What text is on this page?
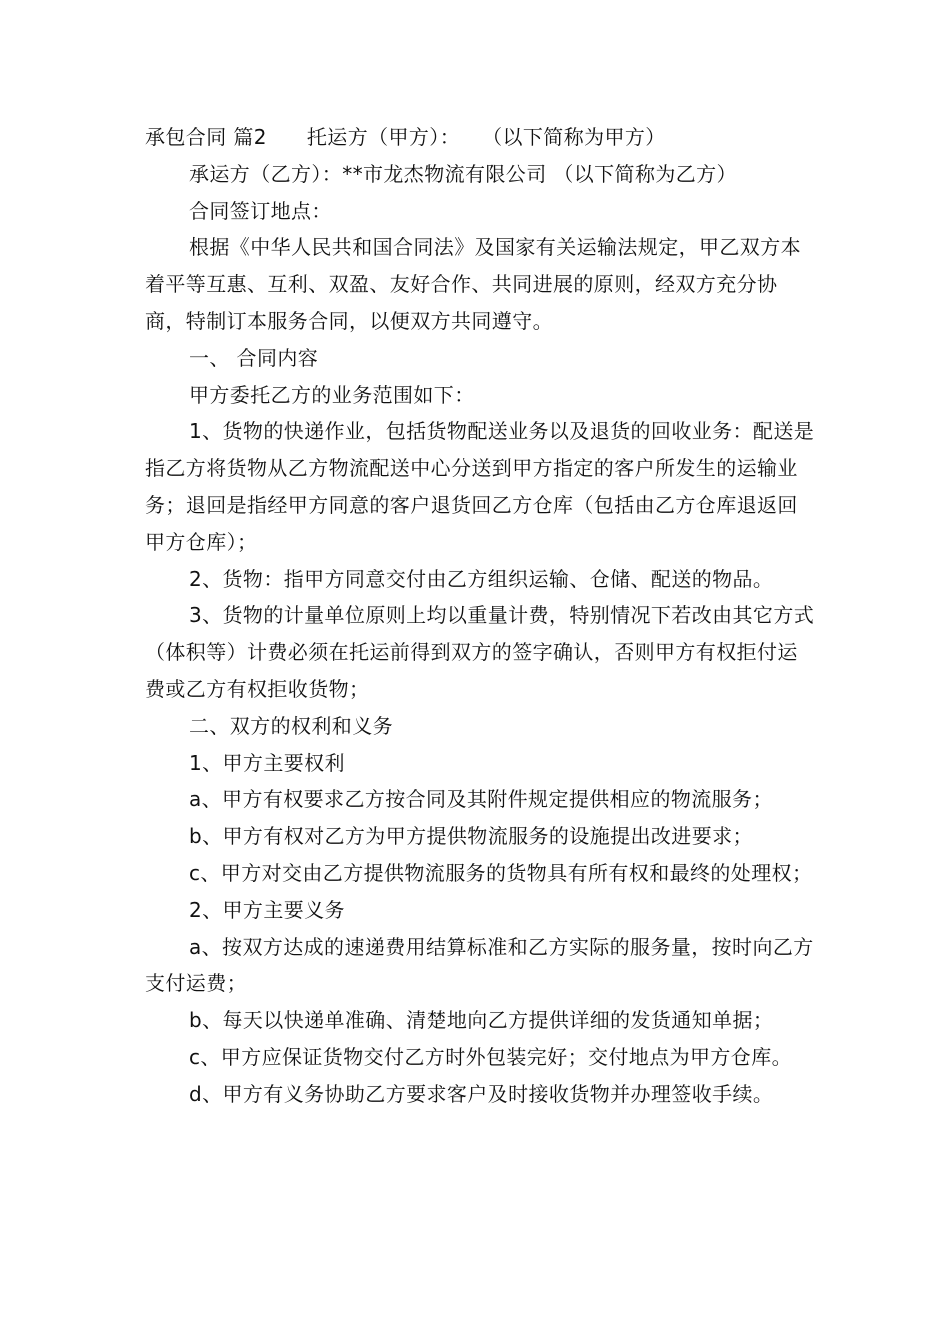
承包合同 篇2 托运方（甲方）： （以下简称为甲方）

承运方（乙方）：**市龙杰物流有限公司 （以下简称为乙方）

合同签订地点：

根据《中华人民共和国合同法》及国家有关运输法规定，甲乙双方本着平等互惠、互利、双盈、友好合作、共同进展的原则，经双方充分协商，特制订本服务合同，以便双方共同遵守。

一、 合同内容

甲方委托乙方的业务范围如下：

1、货物的快递作业，包括货物配送业务以及退货的回收业务：配送是指乙方将货物从乙方物流配送中心分送到甲方指定的客户所发生的运输业务；退回是指经甲方同意的客户退货回乙方仓库（包括由乙方仓库退返回甲方仓库）；

2、货物：指甲方同意交付由乙方组织运输、仓储、配送的物品。

3、货物的计量单位原则上均以重量计费，特别情况下若改由其它方式（体积等）计费必须在托运前得到双方的签字确认，否则甲方有权拒付运费或乙方有权拒收货物；

二、双方的权利和义务

1、甲方主要权利

a、甲方有权要求乙方按合同及其附件规定提供相应的物流服务；

b、甲方有权对乙方为甲方提供物流服务的设施提出改进要求；

c、甲方对交由乙方提供物流服务的货物具有所有权和最终的处理权；

2、甲方主要义务

a、按双方达成的速递费用结算标准和乙方实际的服务量，按时向乙方支付运费；

b、每天以快递单准确、清楚地向乙方提供详细的发货通知单据；

c、甲方应保证货物交付乙方时外包装完好；交付地点为甲方仓库。

d、甲方有义务协助乙方要求客户及时接收货物并办理签收手续。
